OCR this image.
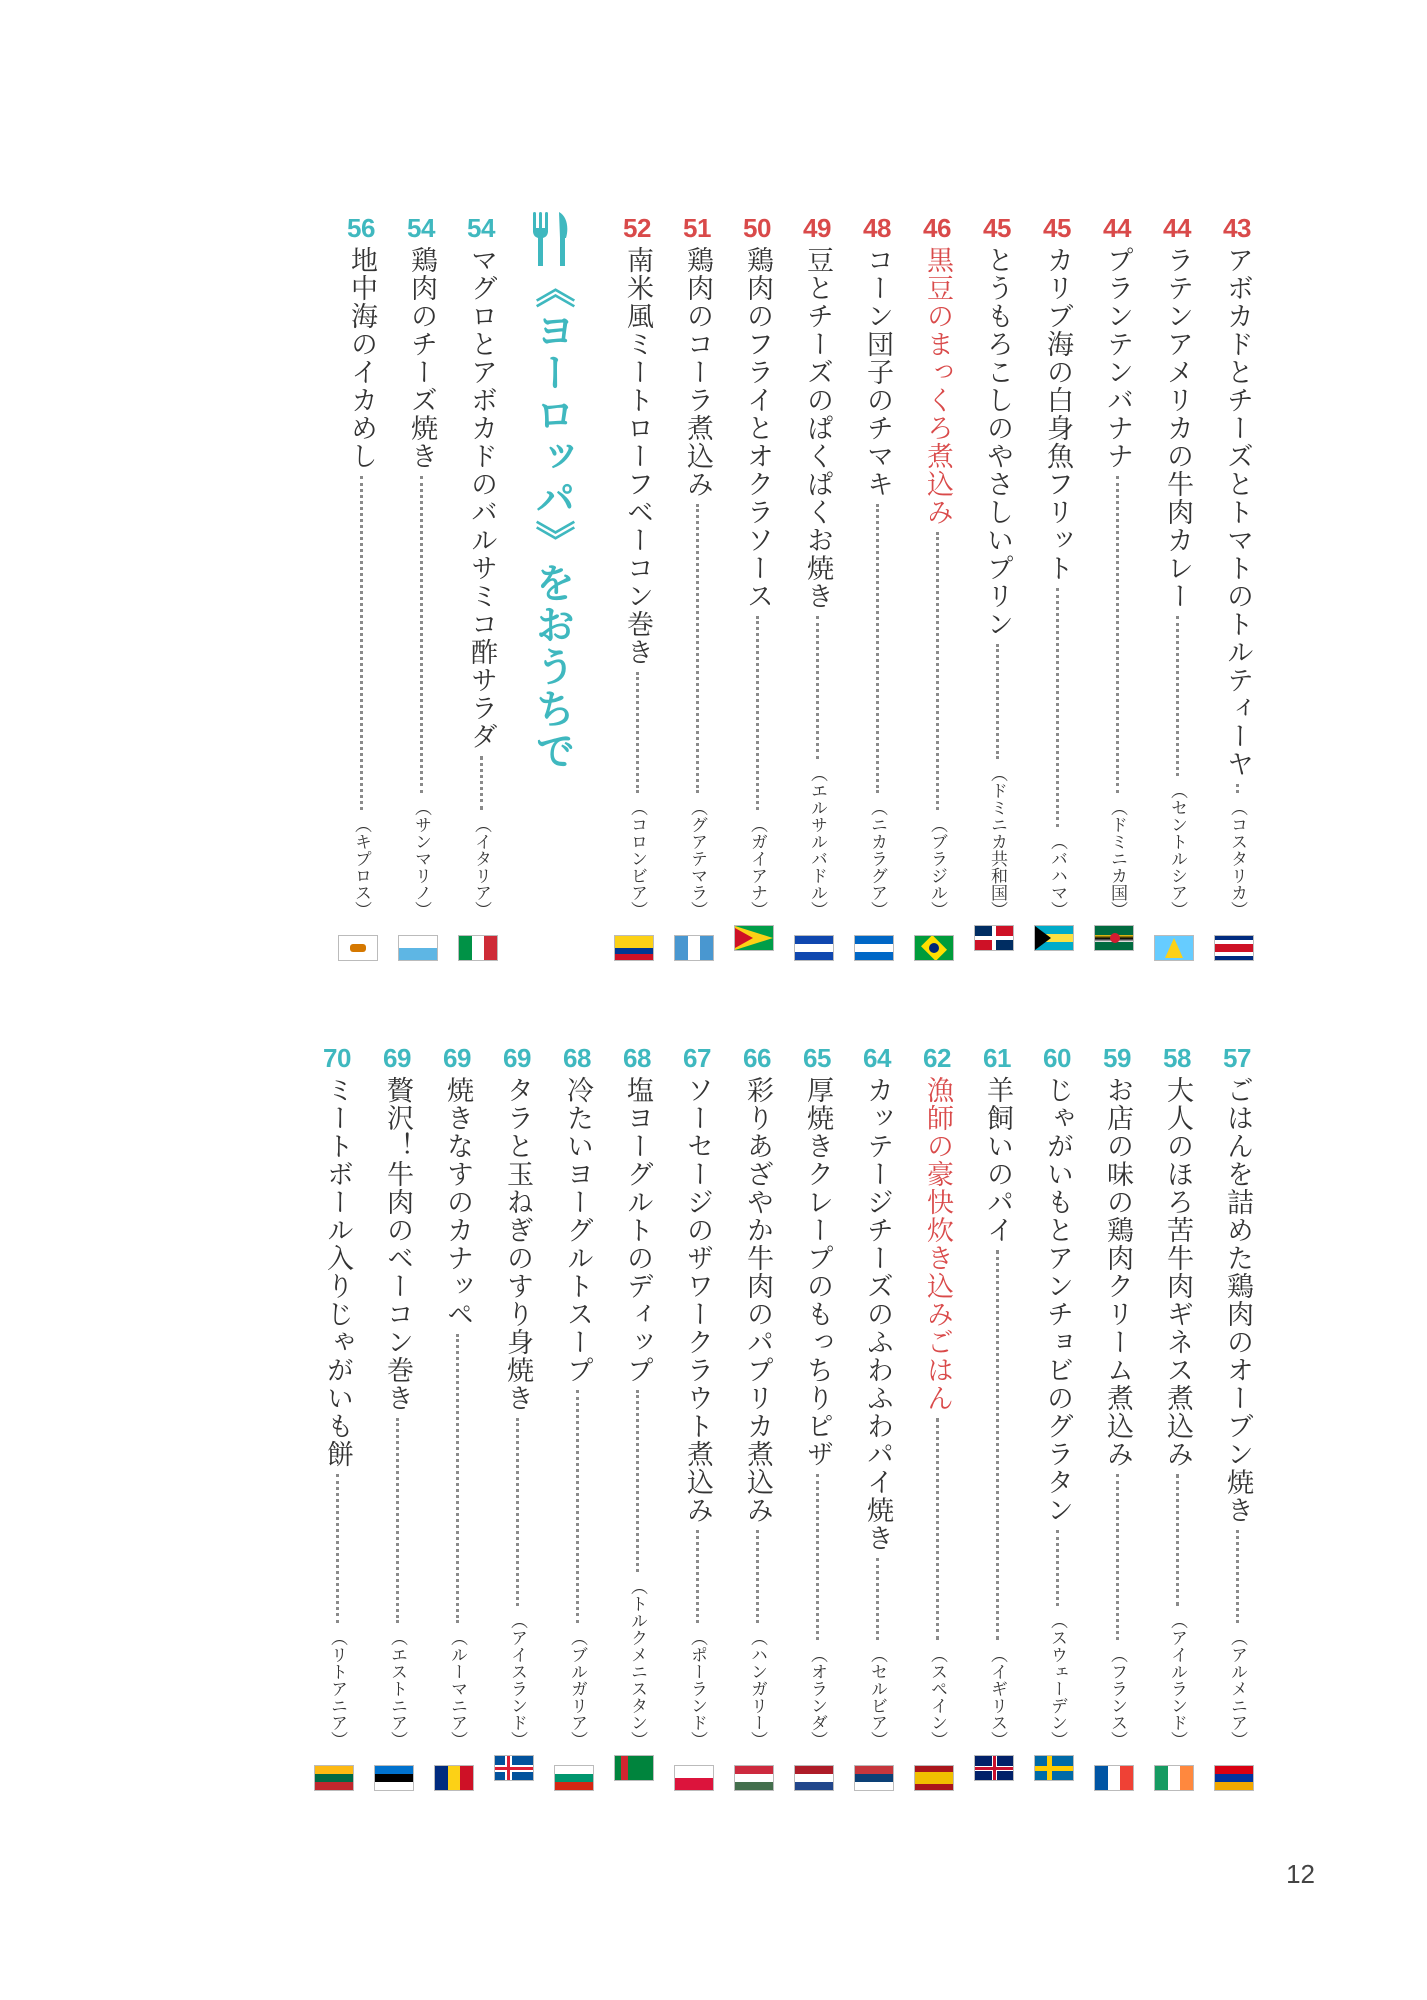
《ヨーロッパ》をおうちで
12
43
アボカドとチーズとトマトのトルティーヤ
（コスタリカ）
44
ラテンアメリカの牛肉カレー
（セントルシア）
44
プランテンバナナ
（ドミニカ国）
45
カリブ海の白身魚フリット
（バハマ）
45
とうもろこしのやさしいプリン
（ドミニカ共和国）
46
黒豆のまっくろ煮込み
（ブラジル）
48
コーン団子のチマキ
（ニカラグア）
49
豆とチーズのぱくぱくお焼き
（エルサルバドル）
50
鶏肉のフライとオクラソース
（ガイアナ）
51
鶏肉のコーラ煮込み
（グアテマラ）
52
南米風ミートローフベーコン巻き
（コロンビア）
54
マグロとアボカドのバルサミコ酢サラダ
（イタリア）
54
鶏肉のチーズ焼き
（サンマリノ）
56
地中海のイカめし
（キプロス）
57
ごはんを詰めた鶏肉のオーブン焼き
（アルメニア）
58
大人のほろ苦牛肉ギネス煮込み
（アイルランド）
59
お店の味の鶏肉クリーム煮込み
（フランス）
60
じゃがいもとアンチョビのグラタン
（スウェーデン）
61
羊飼いのパイ
（イギリス）
62
漁師の豪快炊き込みごはん
（スペイン）
64
カッテージチーズのふわふわパイ焼き
（セルビア）
65
厚焼きクレープのもっちりピザ
（オランダ）
66
彩りあざやか牛肉のパプリカ煮込み
（ハンガリー）
67
ソーセージのザワークラウト煮込み
（ポーランド）
68
塩ヨーグルトのディップ
（トルクメニスタン）
68
冷たいヨーグルトスープ
（ブルガリア）
69
タラと玉ねぎのすり身焼き
（アイスランド）
69
焼きなすのカナッペ
（ルーマニア）
69
贅沢！牛肉のベーコン巻き
（エストニア）
70
ミートボール入りじゃがいも餅
（リトアニア）
